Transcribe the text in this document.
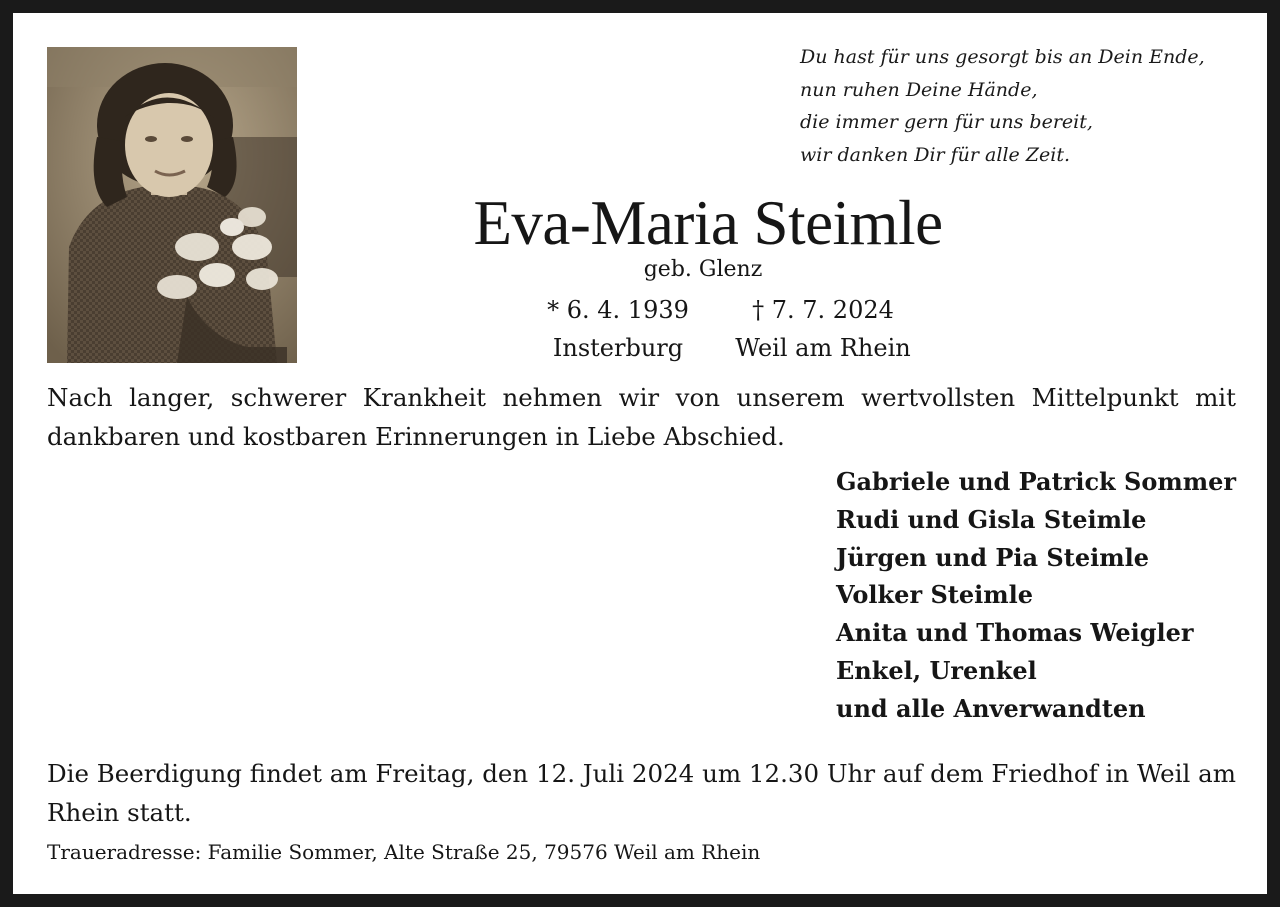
Du hast für uns gesorgt bis an Dein Ende,
nun ruhen Deine Hände,
die immer gern für uns bereit,
wir danken Dir für alle Zeit.
Eva-Maria Steimle
geb. Glenz
* 6. 4. 1939
Insterburg
† 7. 7. 2024
Weil am Rhein
Nach langer, schwerer Krankheit nehmen wir von unserem wertvollsten Mittelpunkt mit dankbaren und kostbaren Erinnerungen in Liebe Abschied.
Gabriele und Patrick Sommer
Rudi und Gisla Steimle
Jürgen und Pia Steimle
Volker Steimle
Anita und Thomas Weigler
Enkel, Urenkel
und alle Anverwandten
Die Beerdigung findet am Freitag, den 12. Juli 2024 um 12.30 Uhr auf dem Friedhof in Weil am Rhein statt.
Traueradresse: Familie Sommer, Alte Straße 25, 79576 Weil am Rhein
